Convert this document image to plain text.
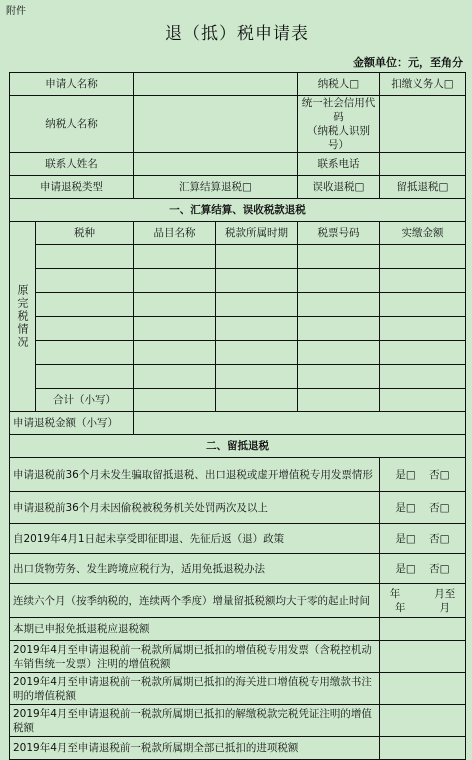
附件
退（抵）税申请表
金额单位：元，至角分
申请人名称				纳税人□	扣缴义务人□
纳税人名称				统一社会信用代码
（纳税人识别号）	
联系人姓名				联系电话	
申请退税类型		汇算结算退税□		误收退税□	留抵退税□
一、汇算结算、误收税款退税					

原完税情况	税种	品目名称	税款所属时期	税票号码	实缴金额

	合计（小写）				
申请退税金额（小写）					
二、留抵退税					
申请退税前36个月未发生骗取留抵退税、出口退税或虚开增值税专用发票情形					是□ 否□
申请退税前36个月未因偷税被税务机关处罚两次及以上					是□ 否□
自2019年4月1日起未享受即征即退、先征后返（退）政策					是□ 否□
出口货物劳务、发生跨境应税行为，适用免抵退税办法					是□ 否□
连续六个月（按季纳税的，连续两个季度）增量留抵税额均大于零的起止时间					年 月至
年 月
本期已申报免抵退税应退税额					
2019年4月至申请退税前一税款所属期已抵扣的增值税专用发票（含税控机动车销售统一发票）注明的增值税额					
2019年4月至申请退税前一税款所属期已抵扣的海关进口增值税专用缴款书注明的增值税额					
2019年4月至申请退税前一税款所属期已抵扣的解缴税款完税凭证注明的增值税额					
2019年4月至申请退税前一税款所属期全部已抵扣的进项税额					
